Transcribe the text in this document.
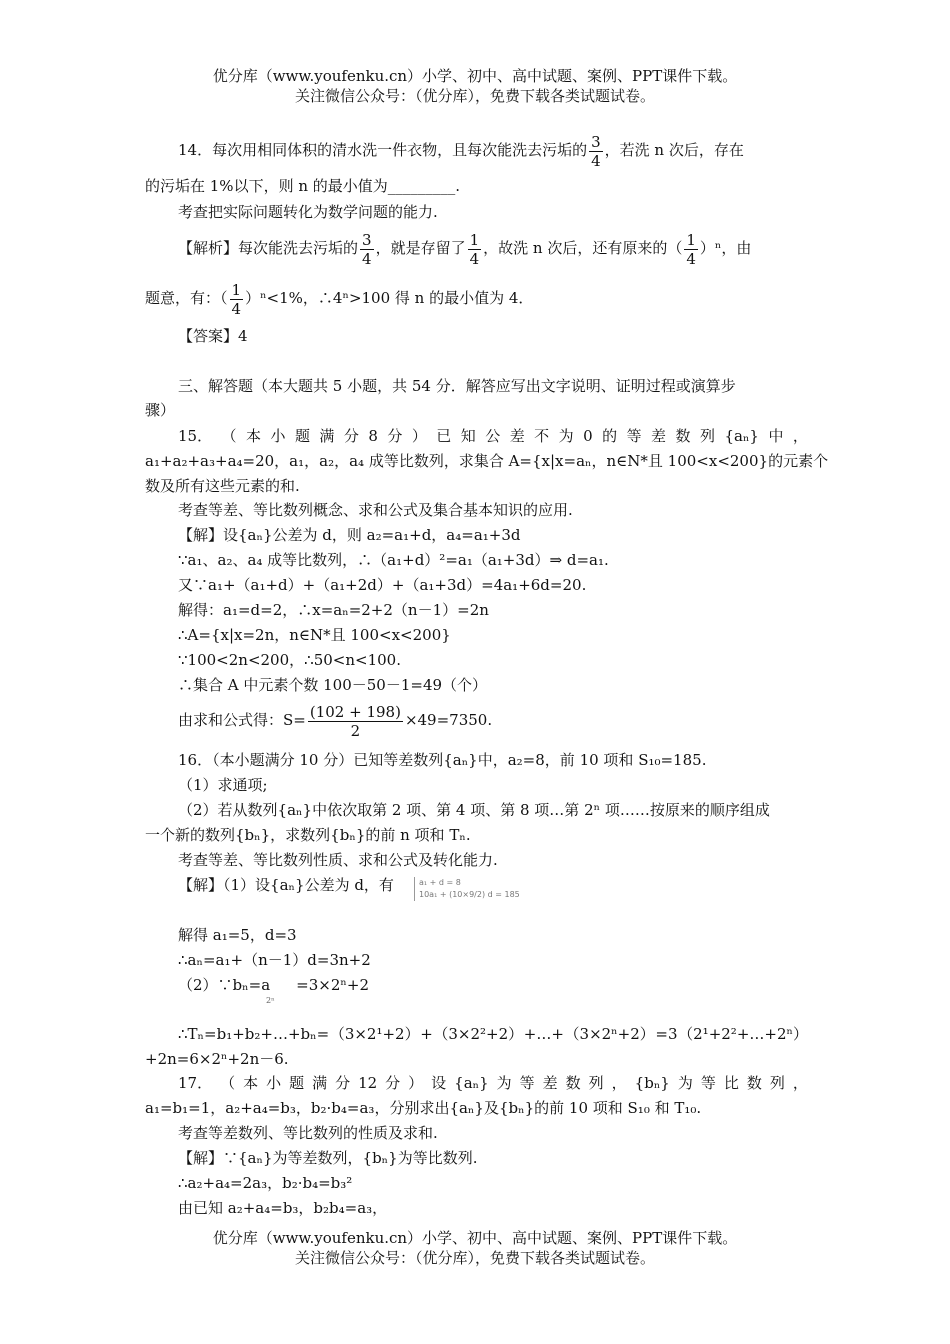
优分库（www.youfenku.cn）小学、初中、高中试题、案例、PPT课件下载。
关注微信公众号：（优分库），免费下载各类试题试卷。
14．每次用相同体积的清水洗一件衣物，且每次能洗去污垢的 $\frac{3}{4}$ ，若洗 n 次后，存在
的污垢在 1%以下，则 n 的最小值为_________.
考查把实际问题转化为数学问题的能力.
【解析】每次能洗去污垢的 $\frac{3}{4}$ ，就是存留了 $\frac{1}{4}$ ，故洗 n 次后，还有原来的（ $\frac{1}{4} )^n$，由
题意，有：（ $\frac{1}{4} )^n<1\%$，∴4ⁿ>100 得 n 的最小值为 4．
【答案】4
三、解答题（本大题共 5 小题，共 54 分．解答应写出文字说明、证明过程或演算步
骤）
15． （ 本 小 题 满 分 8 分 ） 已 知 公 差 不 为 0 的 等 差 数 列 {aₙ} 中 ，
a₁+a₂+a₃+a₄=20，a₁，a₂，a₄ 成等比数列，求集合 A={x|x=aₙ，n∈N*且 100<x<200}的元素个
数及所有这些元素的和.
考查等差、等比数列概念、求和公式及集合基本知识的应用.
【解】设{aₙ}公差为 d，则 a₂=a₁+d，a₄=a₁+3d
∵a₁、a₂、a₄ 成等比数列，∴（a₁+d）²=a₁（a₁+3d）⇒ d=a₁.
又∵a₁+（a₁+d）+（a₁+2d）+（a₁+3d）=4a₁+6d=20.
解得：a₁=d=2，∴x=aₙ=2+2（n－1）=2n
∴A={x|x=2n，n∈N*且 100<x<200}
∵100<2n<200，∴50<n<100.
∴集合 A 中元素个数 100－50－1=49（个）
由求和公式得：$S= \frac{(102 + 198)}{2} \times 49=7350$.
16．（本小题满分 10 分）已知等差数列{aₙ}中，a₂=8，前 10 项和 S₁₀=185.
（1）求通项;
（2）若从数列{aₙ}中依次取第 2 项、第 4 项、第 8 项…第 2ⁿ 项……按原来的顺序组成
一个新的数列{bₙ}，求数列{bₙ}的前 n 项和 Tₙ.
考查等差、等比数列性质、求和公式及转化能力.
【解】（1）设{aₙ}公差为 d，有	a₁ + d = 8
10a₁ + (10×9/2) d = 185
解得 a₁=5，d=3
∴aₙ=a₁+（n－1）d=3n+2
（2）∵bₙ=a =3×2ⁿ+2
2ⁿ
∴Tₙ=b₁+b₂+…+bₙ= （3×2¹+2） + （3×2²+2） +…+ （3×2ⁿ+2） =3 （2¹+2²+…+2ⁿ）
+2n=6×2ⁿ+2n－6.
17． （ 本 小 题 满 分 12 分 ） 设 {aₙ} 为 等 差 数 列 ， {bₙ} 为 等 比 数 列 ，
a₁=b₁=1，a₂+a₄=b₃，b₂·b₄=a₃，分别求出{aₙ}及{bₙ}的前 10 项和 S₁₀ 和 T₁₀.
考查等差数列、等比数列的性质及求和.
【解】∵{aₙ}为等差数列，{bₙ}为等比数列.
∴a₂+a₄=2a₃，b₂·b₄=b₃²
由已知 a₂+a₄=b₃，b₂b₄=a₃，
优分库（www.youfenku.cn）小学、初中、高中试题、案例、PPT课件下载。
关注微信公众号：（优分库），免费下载各类试题试卷。
